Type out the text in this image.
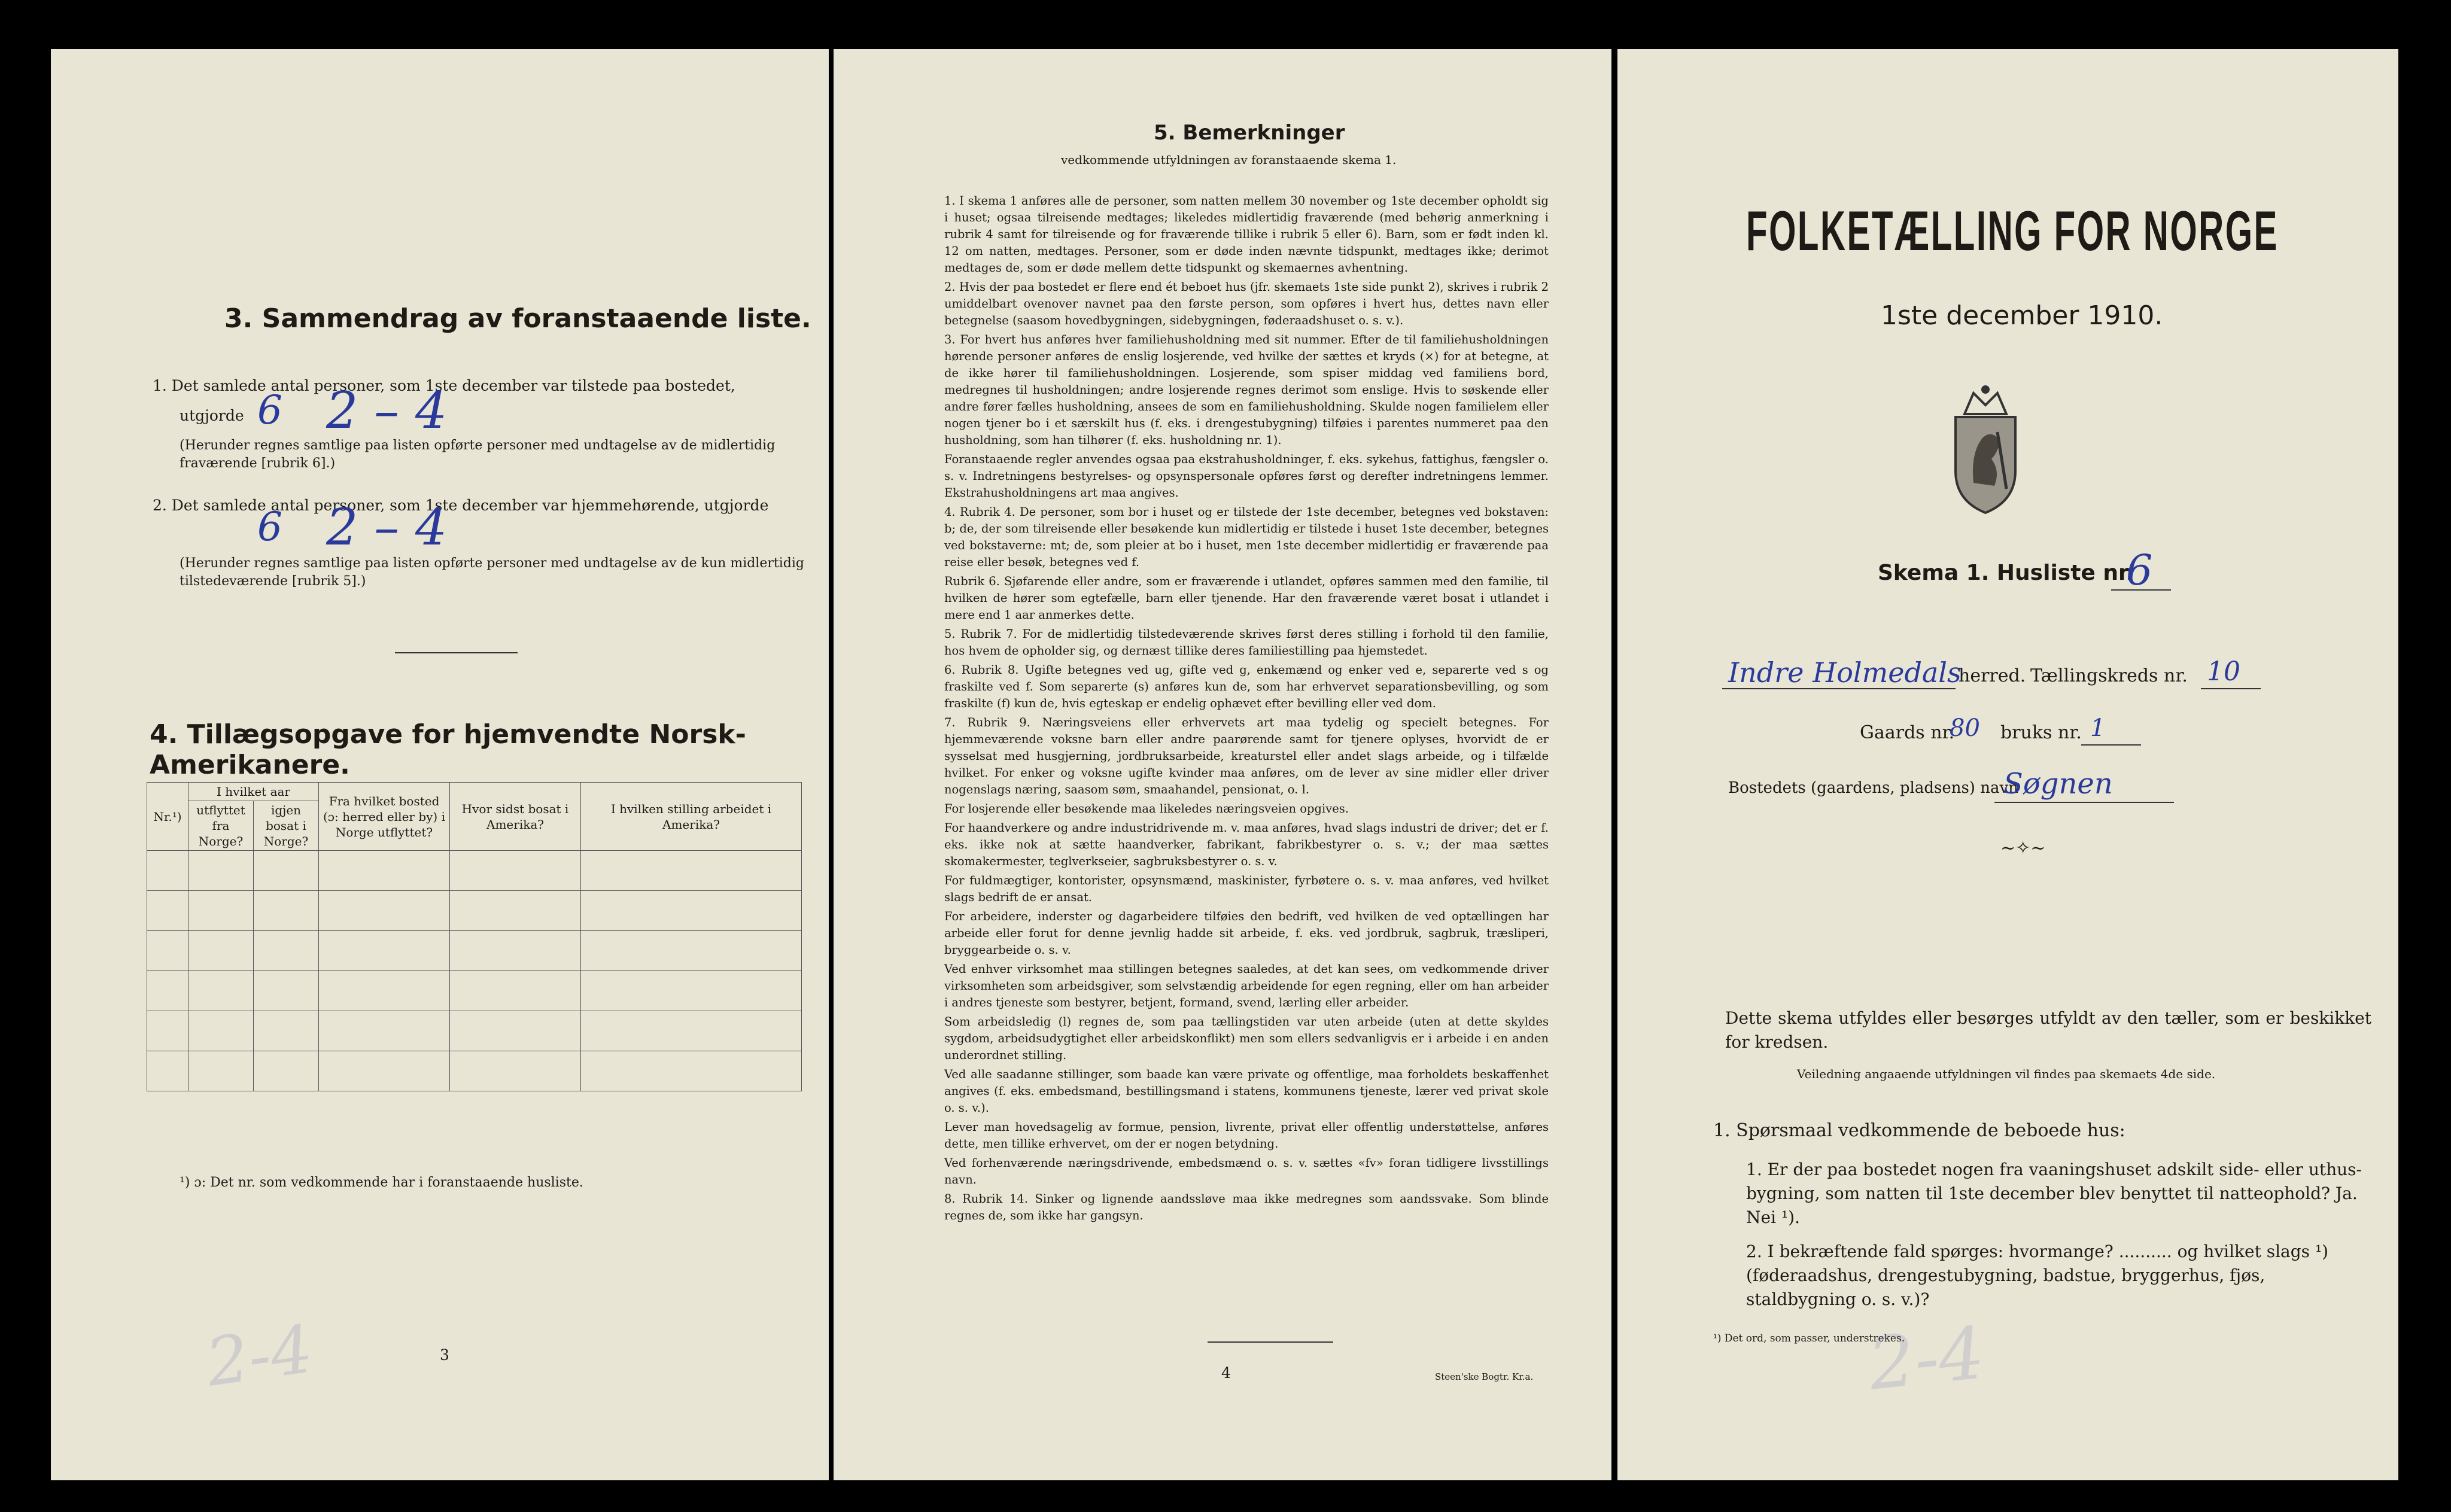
3. Sammendrag av foranstaaende liste.
1. Det samlede antal personer, som 1ste december var tilstede paa bostedet,
utgjorde 6 2 – 4
(Herunder regnes samtlige paa listen opførte personer med undtagelse av de midlertidig fraværende [rubrik 6].)
2. Det samlede antal personer, som 1ste december var hjemmehørende, utgjorde
6 2 – 4
(Herunder regnes samtlige paa listen opførte personer med undtagelse av de kun midlertidig tilstedeværende [rubrik 5].)
4. Tillægsopgave for hjemvendte Norsk-Amerikanere.
Nr.¹)	I hvilket aar		Fra hvilket bosted (ɔ: herred eller by) i Norge utflyttet?	Hvor sidst bosat i Amerika?	I hvilken stilling arbeidet i Amerika?
	utflyttet fra Norge?	igjen bosat i Norge?			

¹) ɔ: Det nr. som vedkommende har i foranstaaende husliste.
2-4	3
5. Bemerkninger
vedkommende utfyldningen av foranstaaende skema 1.

1. I skema 1 anføres alle de personer, som natten mellem 30 november og 1ste december opholdt sig i huset; ogsaa tilreisende medtages; likeledes midlertidig fraværende (med behørig anmerkning i rubrik 4 samt for tilreisende og for fraværende tillike i rubrik 5 eller 6). Barn, som er født inden kl. 12 om natten, medtages. Personer, som er døde inden nævnte tidspunkt, medtages ikke; derimot medtages de, som er døde mellem dette tidspunkt og skemaernes avhentning.

2. Hvis der paa bostedet er flere end ét beboet hus (jfr. skemaets 1ste side punkt 2), skrives i rubrik 2 umiddelbart ovenover navnet paa den første person, som opføres i hvert hus, dettes navn eller betegnelse (saasom hovedbygningen, sidebygningen, føderaadshuset o. s. v.).

3. For hvert hus anføres hver familiehusholdning med sit nummer. Efter de til familiehusholdningen hørende personer anføres de enslig losjerende, ved hvilke der sættes et kryds (×) for at betegne, at de ikke hører til familiehusholdningen. Losjerende, som spiser middag ved familiens bord, medregnes til husholdningen; andre losjerende regnes derimot som enslige. Hvis to søskende eller andre fører fælles husholdning, ansees de som en familiehusholdning. Skulde nogen familielem eller nogen tjener bo i et særskilt hus (f. eks. i drengestubygning) tilføies i parentes nummeret paa den husholdning, som han tilhører (f. eks. husholdning nr. 1).

Foranstaaende regler anvendes ogsaa paa ekstrahusholdninger, f. eks. sykehus, fattighus, fængsler o. s. v. Indretningens bestyrelses- og opsynspersonale opføres først og derefter indretningens lemmer. Ekstrahusholdningens art maa angives.

4. Rubrik 4. De personer, som bor i huset og er tilstede der 1ste december, betegnes ved bokstaven: b; de, der som tilreisende eller besøkende kun midlertidig er tilstede i huset 1ste december, betegnes ved bokstaverne: mt; de, som pleier at bo i huset, men 1ste december midlertidig er fraværende paa reise eller besøk, betegnes ved f.

Rubrik 6. Sjøfarende eller andre, som er fraværende i utlandet, opføres sammen med den familie, til hvilken de hører som egtefælle, barn eller tjenende. Har den fraværende været bosat i utlandet i mere end 1 aar anmerkes dette.

5. Rubrik 7. For de midlertidig tilstedeværende skrives først deres stilling i forhold til den familie, hos hvem de opholder sig, og dernæst tillike deres familiestilling paa hjemstedet.

6. Rubrik 8. Ugifte betegnes ved ug, gifte ved g, enkemænd og enker ved e, separerte ved s og fraskilte ved f. Som separerte (s) anføres kun de, som har erhvervet separationsbevilling, og som fraskilte (f) kun de, hvis egteskap er endelig ophævet efter bevilling eller ved dom.

7. Rubrik 9. Næringsveiens eller erhvervets art maa tydelig og specielt betegnes. For hjemmeværende voksne barn eller andre paarørende samt for tjenere oplyses, hvorvidt de er sysselsat med husgjerning, jordbruksarbeide, kreaturstel eller andet slags arbeide, og i tilfælde hvilket. For enker og voksne ugifte kvinder maa anføres, om de lever av sine midler eller driver nogenslags næring, saasom søm, smaahandel, pensionat, o. l.

For losjerende eller besøkende maa likeledes næringsveien opgives.

For haandverkere og andre industridrivende m. v. maa anføres, hvad slags industri de driver; det er f. eks. ikke nok at sætte haandverker, fabrikant, fabrikbestyrer o. s. v.; der maa sættes skomakermester, teglverkseier, sagbruksbestyrer o. s. v.

For fuldmægtiger, kontorister, opsynsmænd, maskinister, fyrbøtere o. s. v. maa anføres, ved hvilket slags bedrift de er ansat.

For arbeidere, inderster og dagarbeidere tilføies den bedrift, ved hvilken de ved optællingen har arbeide eller forut for denne jevnlig hadde sit arbeide, f. eks. ved jordbruk, sagbruk, træsliperi, bryggearbeide o. s. v.

Ved enhver virksomhet maa stillingen betegnes saaledes, at det kan sees, om vedkommende driver virksomheten som arbeidsgiver, som selvstændig arbeidende for egen regning, eller om han arbeider i andres tjeneste som bestyrer, betjent, formand, svend, lærling eller arbeider.

Som arbeidsledig (l) regnes de, som paa tællingstiden var uten arbeide (uten at dette skyldes sygdom, arbeidsudygtighet eller arbeidskonflikt) men som ellers sedvanligvis er i arbeide i en anden underordnet stilling.

Ved alle saadanne stillinger, som baade kan være private og offentlige, maa forholdets beskaffenhet angives (f. eks. embedsmand, bestillingsmand i statens, kommunens tjeneste, lærer ved privat skole o. s. v.).

Lever man hovedsagelig av formue, pension, livrente, privat eller offentlig understøttelse, anføres dette, men tillike erhvervet, om der er nogen betydning.

Ved forhenværende næringsdrivende, embedsmænd o. s. v. sættes «fv» foran tidligere livsstillings navn.

8. Rubrik 14. Sinker og lignende aandssløve maa ikke medregnes som aandssvake. Som blinde regnes de, som ikke har gangsyn.

4	Steen'ske Bogtr. Kr.a.
FOLKETÆLLING FOR NORGE
1ste december 1910.
Skema 1. Husliste nr.
6
Indre Holmedals
herred. Tællingskreds nr. 10
Gaards nr.
80 bruks nr. 1
Bostedets (gaardens, pladsens) navn
Søgnen
~✧~
Dette skema utfyldes eller besørges utfyldt av den tæller, som er beskikket for kredsen.
Veiledning angaaende utfyldningen vil findes paa skemaets 4de side.
1. Spørsmaal vedkommende de beboede hus:
1. Er der paa bostedet nogen fra vaaningshuset adskilt side- eller uthus-bygning, som natten til 1ste december blev benyttet til natteophold? Ja. Nei ¹).
2. I bekræftende fald spørges: hvormange? .......... og hvilket slags ¹) (føderaadshus, drengestubygning, badstue, bryggerhus, fjøs, staldbygning o. s. v.)?
¹) Det ord, som passer, understrekes.
2-4
